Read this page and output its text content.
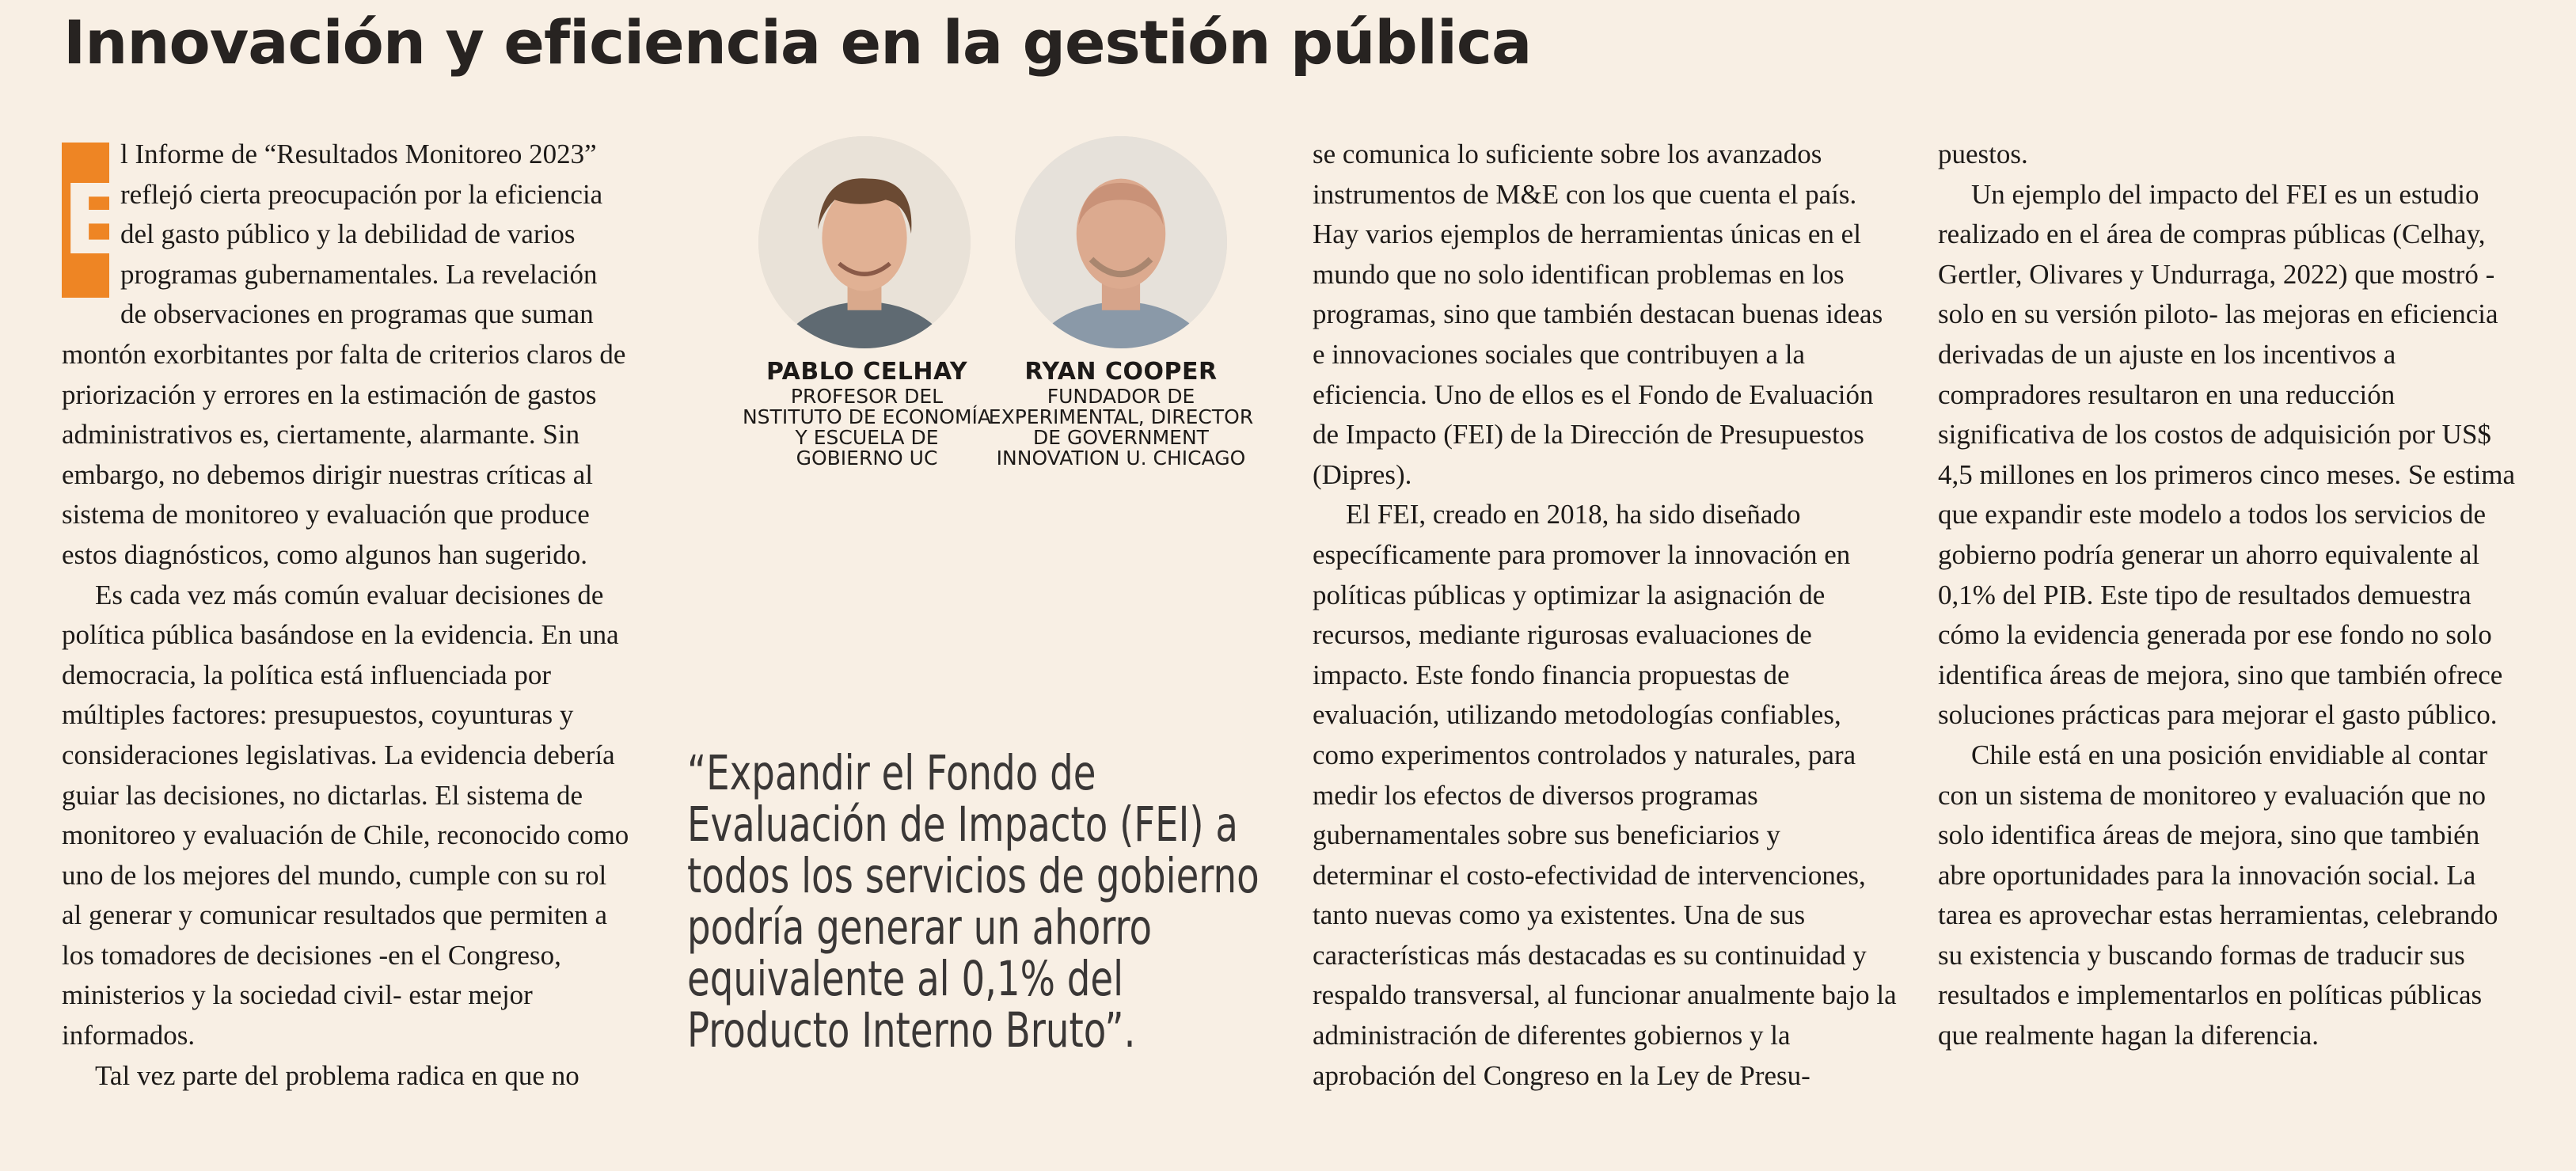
Innovación y eficiencia en la gestión pública

E
l Informe de “Resultados Monitoreo 2023” reflejó cierta preocupación por la eficiencia del gasto público y la debilidad de varios programas gubernamentales. La revelación de observaciones en programas que suman montón exorbitantes por falta de criterios claros de priorización y errores en la estimación de gastos administrativos es, ciertamente, alarmante. Sin embargo, no debemos dirigir nuestras críticas al sistema de monitoreo y evaluación que produce estos diagnósticos, como algunos han sugerido.

Es cada vez más común evaluar decisiones de política pública basándose en la evidencia. En una democracia, la política está influenciada por múltiples factores: presupuestos, coyunturas y consideraciones legislativas. La evidencia debería guiar las decisiones, no dictarlas. El sistema de monitoreo y evaluación de Chile, reconocido como uno de los mejores del mundo, cumple con su rol al generar y comunicar resultados que permiten a los tomadores de decisiones -en el Congreso, ministerios y la sociedad civil- estar mejor informados.

Tal vez parte del problema radica en que no

PABLO CELHAY
PROFESOR DEL
NSTITUTO DE ECONOMÍA
Y ESCUELA DE
GOBIERNO UC
RYAN COOPER
FUNDADOR DE
EXPERIMENTAL, DIRECTOR
DE GOVERNMENT
INNOVATION U. CHICAGO
“Expandir el Fondo de Evaluación de Impacto (FEI) a todos los servicios de gobierno podría generar un ahorro equivalente al 0,1% del Producto Interno Bruto”.

se comunica lo suficiente sobre los avanzados instrumentos de M&E con los que cuenta el país. Hay varios ejemplos de herramientas únicas en el mundo que no solo identifican problemas en los programas, sino que también destacan buenas ideas e innovaciones sociales que contribuyen a la eficiencia. Uno de ellos es el Fondo de Evaluación de Impacto (FEI) de la Dirección de Presupuestos (Dipres).

El FEI, creado en 2018, ha sido diseñado específicamente para promover la innovación en políticas públicas y optimizar la asignación de recursos, mediante rigurosas evaluaciones de impacto. Este fondo financia propuestas de evaluación, utilizando metodologías confiables, como experimentos controlados y naturales, para medir los efectos de diversos programas gubernamentales sobre sus beneficiarios y determinar el costo-efectividad de intervenciones, tanto nuevas como ya existentes. Una de sus características más destacadas es su continuidad y respaldo transversal, al funcionar anualmente bajo la administración de diferentes gobiernos y la aprobación del Congreso en la Ley de Presu-

puestos.

Un ejemplo del impacto del FEI es un estudio realizado en el área de compras públicas (Celhay, Gertler, Olivares y Undurraga, 2022) que mostró -solo en su versión piloto- las mejoras en eficiencia derivadas de un ajuste en los incentivos a compradores resultaron en una reducción significativa de los costos de adquisición por US$ 4,5 millones en los primeros cinco meses. Se estima que expandir este modelo a todos los servicios de gobierno podría generar un ahorro equivalente al 0,1% del PIB. Este tipo de resultados demuestra cómo la evidencia generada por ese fondo no solo identifica áreas de mejora, sino que también ofrece soluciones prácticas para mejorar el gasto público.

Chile está en una posición envidiable al contar con un sistema de monitoreo y evaluación que no solo identifica áreas de mejora, sino que también abre oportunidades para la innovación social. La tarea es aprovechar estas herramientas, celebrando su existencia y buscando formas de traducir sus resultados e implementarlos en políticas públicas que realmente hagan la diferencia.
